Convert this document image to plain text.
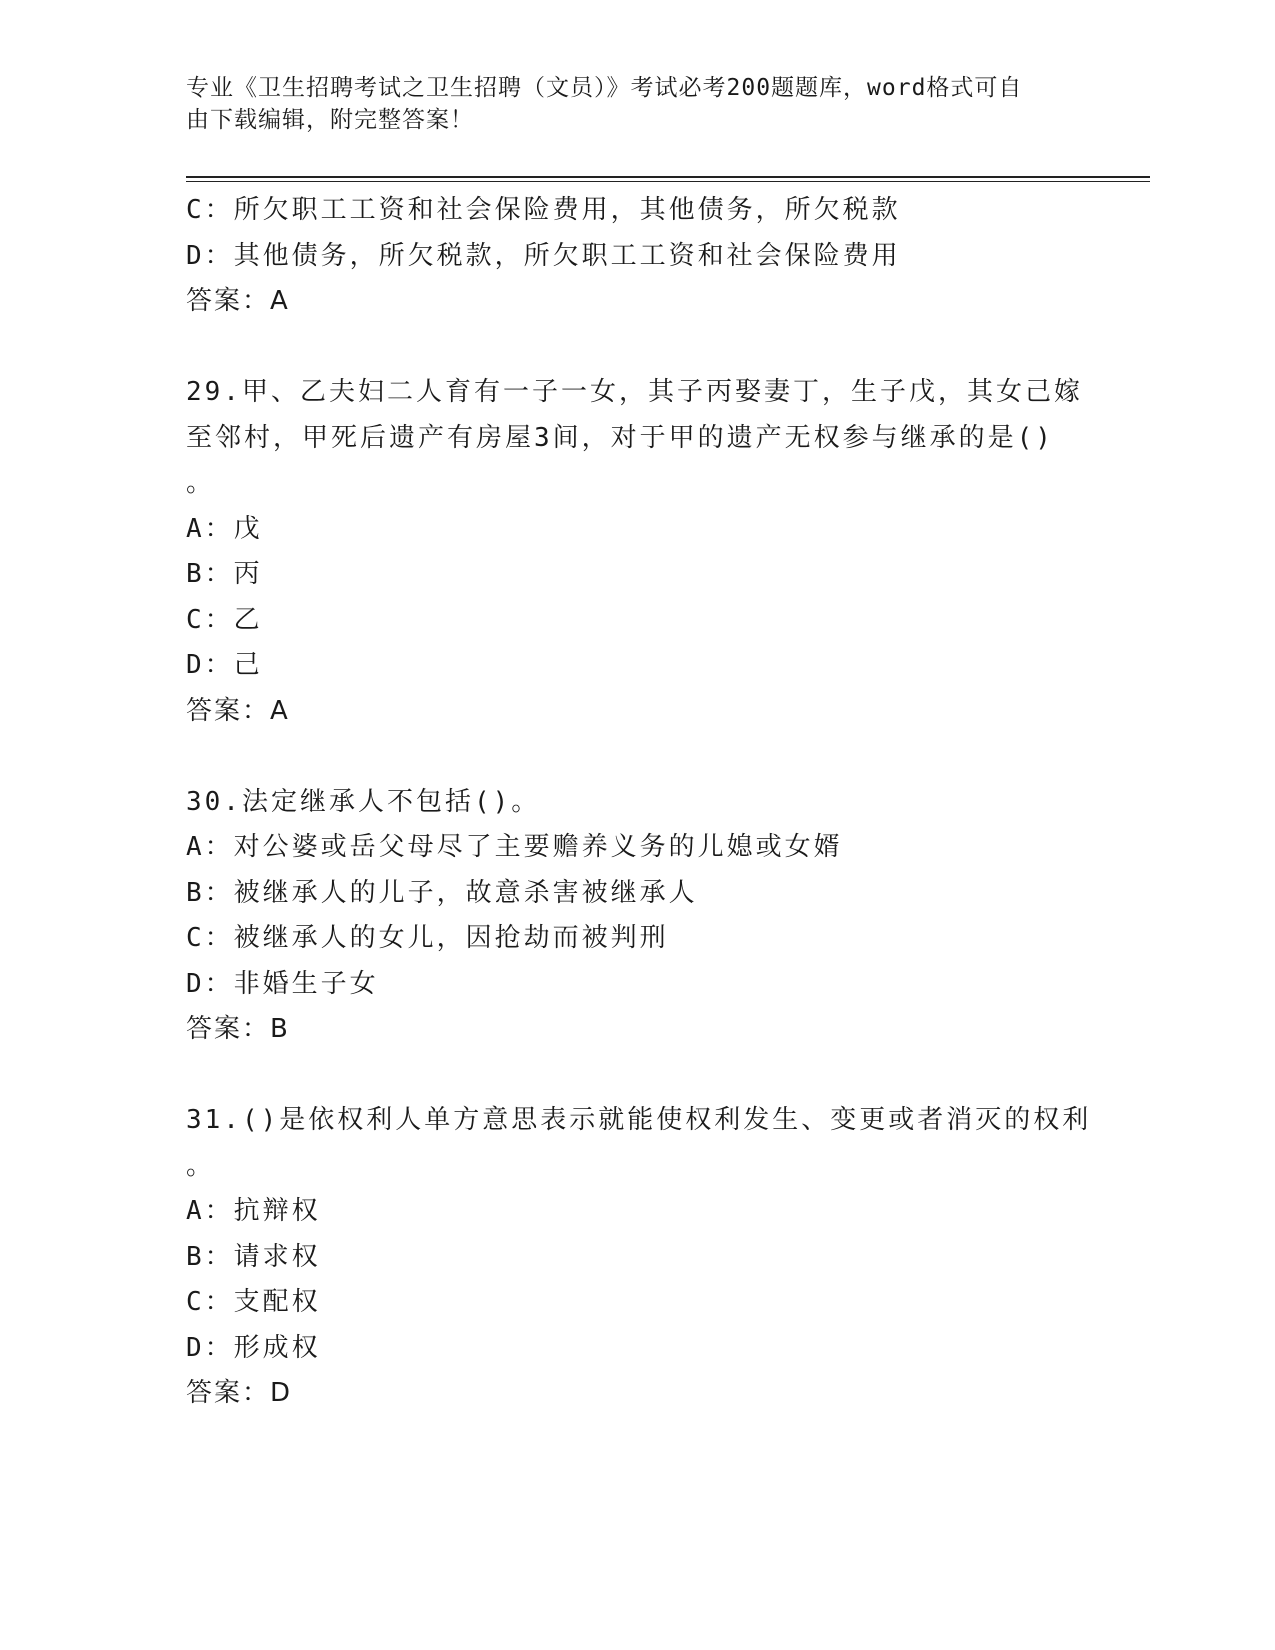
专业《卫生招聘考试之卫生招聘（文员）》考试必考200题题库，word格式可自
由下载编辑，附完整答案！
C：所欠职工工资和社会保险费用，其他债务，所欠税款
D：其他债务，所欠税款，所欠职工工资和社会保险费用
答案：A
29.甲、乙夫妇二人育有一子一女，其子丙娶妻丁，生子戊，其女己嫁
至邻村，甲死后遗产有房屋3间，对于甲的遗产无权参与继承的是()
。
A：戊
B：丙
C：乙
D：己
答案：A
30.法定继承人不包括()。
A：对公婆或岳父母尽了主要赡养义务的儿媳或女婿
B：被继承人的儿子，故意杀害被继承人
C：被继承人的女儿，因抢劫而被判刑
D：非婚生子女
答案：B
31.()是依权利人单方意思表示就能使权利发生、变更或者消灭的权利
。
A：抗辩权
B：请求权
C：支配权
D：形成权
答案：D
